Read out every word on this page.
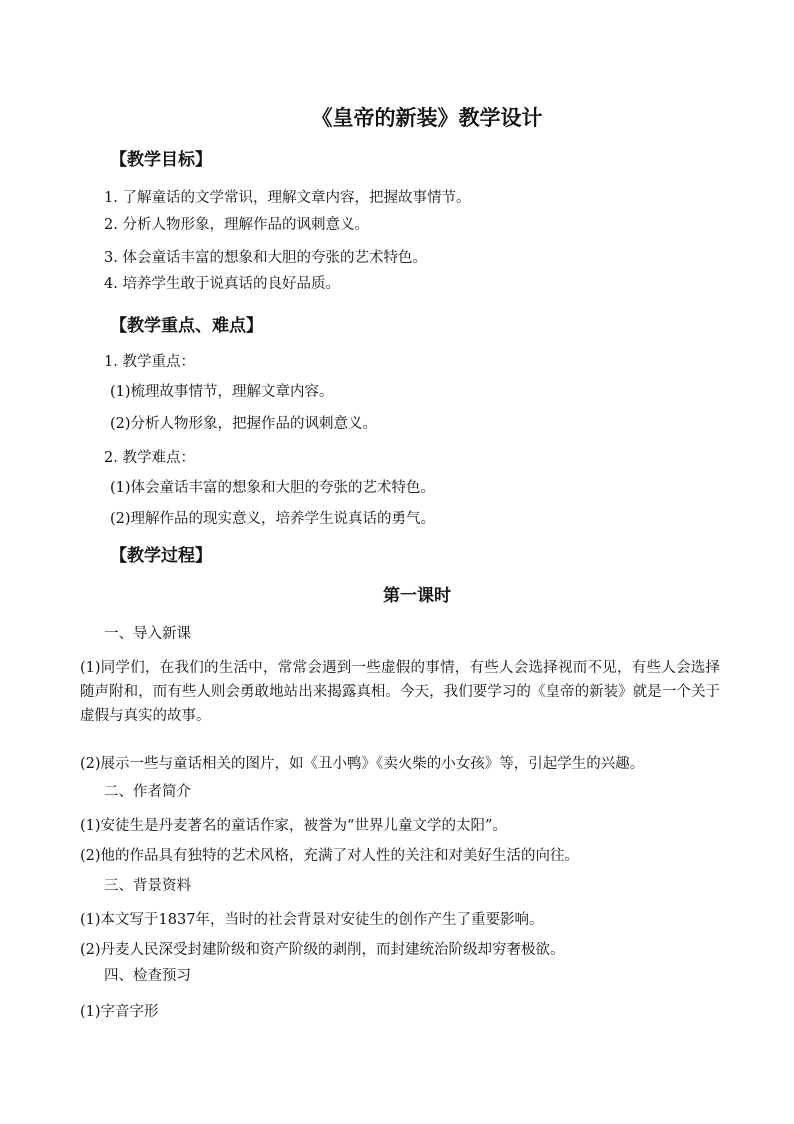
《皇帝的新装》教学设计
【教学目标】
1. 了解童话的文学常识，理解文章内容，把握故事情节。
2. 分析人物形象，理解作品的讽刺意义。
3. 体会童话丰富的想象和大胆的夸张的艺术特色。
4. 培养学生敢于说真话的良好品质。
【教学重点、难点】
1. 教学重点：
(1)梳理故事情节，理解文章内容。
(2)分析人物形象，把握作品的讽刺意义。
2. 教学难点：
(1)体会童话丰富的想象和大胆的夸张的艺术特色。
(2)理解作品的现实意义，培养学生说真话的勇气。
【教学过程】
第一课时
一、导入新课
(1)同学们，在我们的生活中，常常会遇到一些虚假的事情，有些人会选择视而不见，有些人会选择随声附和，而有些人则会勇敢地站出来揭露真相。今天，我们要学习的《皇帝的新装》就是一个关于虚假与真实的故事。
(2)展示一些与童话相关的图片，如《丑小鸭》《卖火柴的小女孩》等，引起学生的兴趣。
二、作者简介
(1)安徒生是丹麦著名的童话作家，被誉为“世界儿童文学的太阳”。
(2)他的作品具有独特的艺术风格，充满了对人性的关注和对美好生活的向往。
三、背景资料
(1)本文写于1837年，当时的社会背景对安徒生的创作产生了重要影响。
(2)丹麦人民深受封建阶级和资产阶级的剥削，而封建统治阶级却穷奢极欲。
四、检查预习
(1)字音字形
